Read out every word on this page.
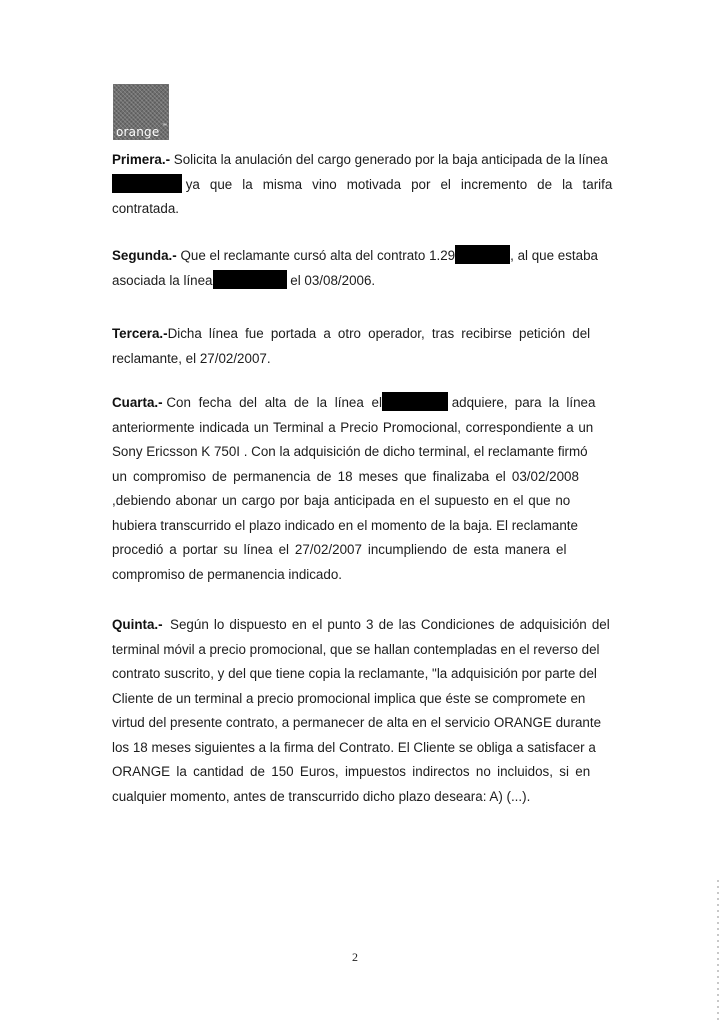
™
orange
Primera.- Solicita la anulación del cargo generado por la baja anticipada de la línea
ya que la misma vino motivada por el incremento de la tarifa
contratada.
Segunda.- Que el reclamante cursó alta del contrato 1.29	, al que estaba
asociada la línea	el 03/08/2006.
Tercera.-Dicha línea fue portada a otro operador, tras recibirse petición del
reclamante, el 27/02/2007.
Cuarta.- Con fecha del alta de la línea el	adquiere, para la línea
anteriormente indicada un Terminal a Precio Promocional, correspondiente a un
Sony Ericsson K 750I . Con la adquisición de dicho terminal, el reclamante firmó
un compromiso de permanencia de 18 meses que finalizaba el 03/02/2008
,debiendo abonar un cargo por baja anticipada en el supuesto en el que no
hubiera transcurrido el plazo indicado en el momento de la baja. El reclamante
procedió a portar su línea el 27/02/2007 incumpliendo de esta manera el
compromiso de permanencia indicado.
Quinta.- Según lo dispuesto en el punto 3 de las Condiciones de adquisición del
terminal móvil a precio promocional, que se hallan contempladas en el reverso del
contrato suscrito, y del que tiene copia la reclamante, "la adquisición por parte del
Cliente de un terminal a precio promocional implica que éste se compromete en
virtud del presente contrato, a permanecer de alta en el servicio ORANGE durante
los 18 meses siguientes a la firma del Contrato. El Cliente se obliga a satisfacer a
ORANGE la cantidad de 150 Euros, impuestos indirectos no incluidos, si en
cualquier momento, antes de transcurrido dicho plazo deseara: A) (...).
2
